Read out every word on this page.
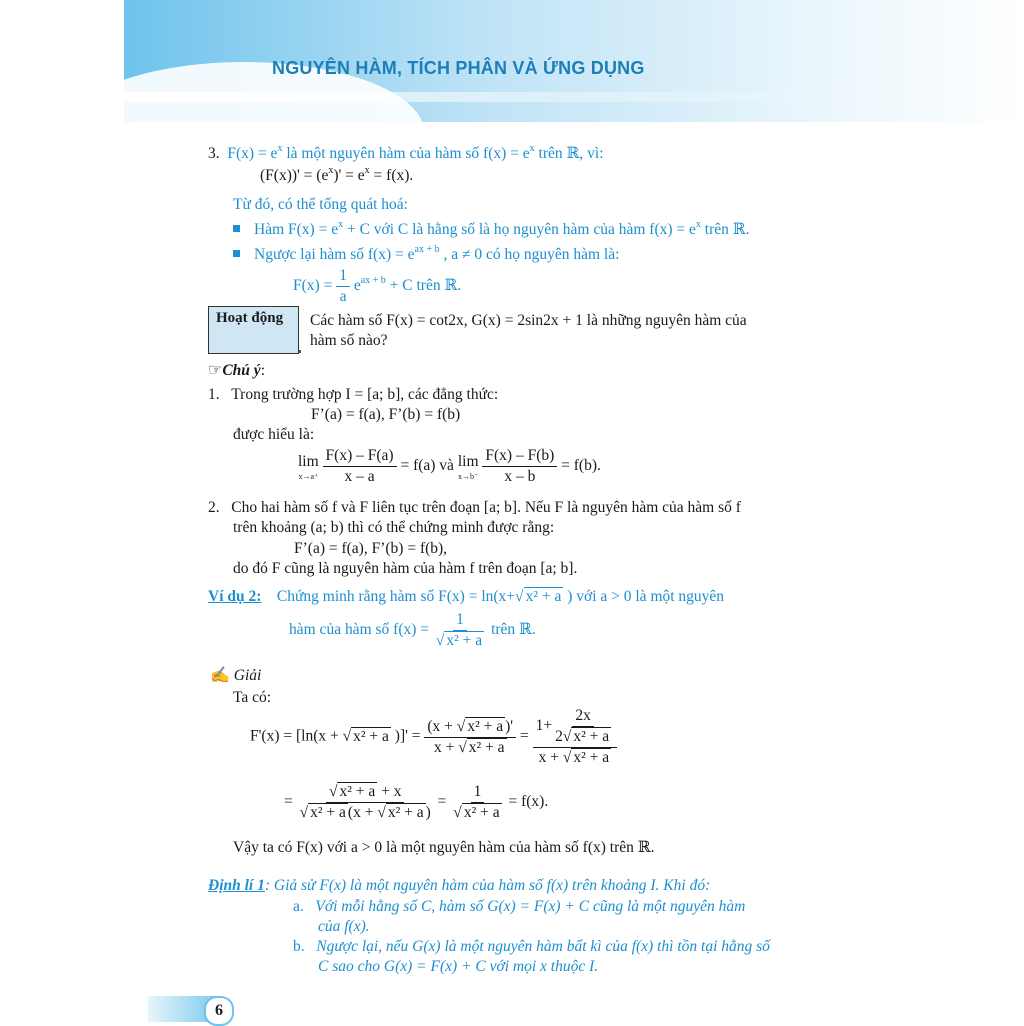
NGUYÊN HÀM, TÍCH PHÂN VÀ ỨNG DỤNG
3. $F(x) = e^x$ là một nguyên hàm của hàm số $f(x) = e^x$ trên ℝ, vì:
$(F(x))' = (e^x)' = e^x = f(x)$.
Từ đó, có thể tổng quát hoá:
Hàm $F(x) = e^x + C$ với C là hằng số là họ nguyên hàm của hàm $f(x) = e^x$ trên ℝ.
Ngược lại hàm số $f(x) = e^{ax + b}$ , a ≠ 0 có họ nguyên hàm là:
$F(x) = \frac{1}{a} e^{ax + b} + C$ trên ℝ.
Hoạt động Các hàm số F(x) = cot2x, G(x) = 2sin2x + 1 là những nguyên hàm của
hàm số nào?
☞Chú ý:
1. Trong trường hợp I = [a; b], các đẳng thức:
F’(a) = f(a), F’(b) = f(b)
được hiểu là:
lim
x→a⁺
$\frac{F(x) - F(a)}{x - a} = f(a)$ và lim
x→b⁻
$\frac{F(x) - F(b)}{x - b} = f(b)$.
2. Cho hai hàm số f và F liên tục trên đoạn [a; b]. Nếu F là nguyên hàm của hàm số f
trên khoảng (a; b) thì có thể chứng minh được rằng:
F’(a) = f(a), F’(b) = f(b),
do đó F cũng là nguyên hàm của hàm f trên đoạn [a; b].
Ví dụ 2: Chứng minh rằng hàm số F(x) = ln(x+√ x² + a ) với a > 0 là một nguyên
hàm của hàm số $f(x) = \frac{1}{\text{√ x² + a}}$ trên ℝ.
✍ Giải
Ta có:
F'(x) = [ln(x + √ x² + a )]' = $\frac{\text{(x + √ x² + a )'}}{\text{x + √ x² + a}} = \frac{1+ \frac{2x}{\text{2√ x² + a}}}{\text{x + √ x² + a}}$
= $\frac{\text{√ x² + a + x}}{\text{√ x² + a (x + √ x² + a )}} = \frac{1}{\text{√ x² + a}} = f(x)$.
Vậy ta có F(x) với a > 0 là một nguyên hàm của hàm số f(x) trên ℝ.
Định lí 1: Giả sử F(x) là một nguyên hàm của hàm số f(x) trên khoảng I. Khi đó:
a. Với mỗi hằng số C, hàm số G(x) = F(x) + C cũng là một nguyên hàm
của f(x).
b. Ngược lại, nếu G(x) là một nguyên hàm bất kì của f(x) thì tồn tại hằng số
C sao cho G(x) = F(x) + C với mọi x thuộc I.
6
